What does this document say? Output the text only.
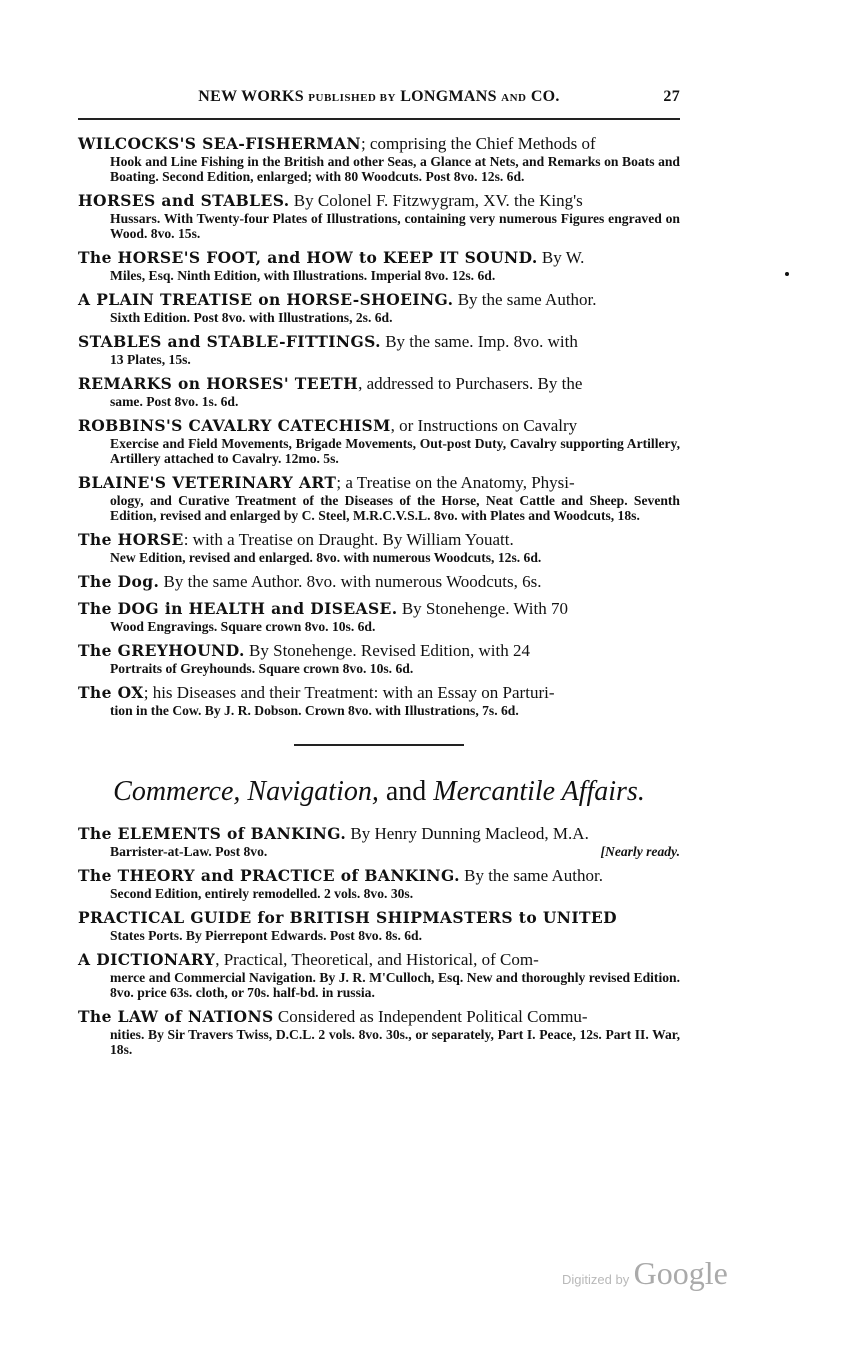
NEW WORKS PUBLISHED BY LONGMANS AND CO.	27
WILCOCKS'S SEA-FISHERMAN; comprising the Chief Methods of
Hook and Line Fishing in the British and other Seas, a Glance at Nets, and Remarks on Boats and Boating. Second Edition, enlarged; with 80 Woodcuts. Post 8vo. 12s. 6d.
HORSES and STABLES. By Colonel F. Fitzwygram, XV. the King's
Hussars. With Twenty-four Plates of Illustrations, containing very numerous Figures engraved on Wood. 8vo. 15s.
The HORSE'S FOOT, and HOW to KEEP IT SOUND. By W.
Miles, Esq. Ninth Edition, with Illustrations. Imperial 8vo. 12s. 6d.
A PLAIN TREATISE on HORSE-SHOEING. By the same Author.
Sixth Edition. Post 8vo. with Illustrations, 2s. 6d.
STABLES and STABLE-FITTINGS. By the same. Imp. 8vo. with
13 Plates, 15s.
REMARKS on HORSES' TEETH, addressed to Purchasers. By the
same. Post 8vo. 1s. 6d.
ROBBINS'S CAVALRY CATECHISM, or Instructions on Cavalry
Exercise and Field Movements, Brigade Movements, Out-post Duty, Cavalry supporting Artillery, Artillery attached to Cavalry. 12mo. 5s.
BLAINE'S VETERINARY ART; a Treatise on the Anatomy, Physi-
ology, and Curative Treatment of the Diseases of the Horse, Neat Cattle and Sheep. Seventh Edition, revised and enlarged by C. Steel, M.R.C.V.S.L. 8vo. with Plates and Woodcuts, 18s.
The HORSE: with a Treatise on Draught. By William Youatt.
New Edition, revised and enlarged. 8vo. with numerous Woodcuts, 12s. 6d.
The Dog. By the same Author. 8vo. with numerous Woodcuts, 6s.
The DOG in HEALTH and DISEASE. By Stonehenge. With 70
Wood Engravings. Square crown 8vo. 10s. 6d.
The GREYHOUND. By Stonehenge. Revised Edition, with 24
Portraits of Greyhounds. Square crown 8vo. 10s. 6d.
The OX; his Diseases and their Treatment: with an Essay on Parturi-
tion in the Cow. By J. R. Dobson. Crown 8vo. with Illustrations, 7s. 6d.
Commerce, Navigation, and Mercantile Affairs.
The ELEMENTS of BANKING. By Henry Dunning Macleod, M.A.
Barrister-at-Law. Post 8vo.	[Nearly ready.
The THEORY and PRACTICE of BANKING. By the same Author.
Second Edition, entirely remodelled. 2 vols. 8vo. 30s.
PRACTICAL GUIDE for BRITISH SHIPMASTERS to UNITED
States Ports. By Pierrepont Edwards. Post 8vo. 8s. 6d.
A DICTIONARY, Practical, Theoretical, and Historical, of Com-
merce and Commercial Navigation. By J. R. M'Culloch, Esq. New and thoroughly revised Edition. 8vo. price 63s. cloth, or 70s. half-bd. in russia.
The LAW of NATIONS Considered as Independent Political Commu-
nities. By Sir Travers Twiss, D.C.L. 2 vols. 8vo. 30s., or separately, Part I. Peace, 12s. Part II. War, 18s.
Digitized by Google
